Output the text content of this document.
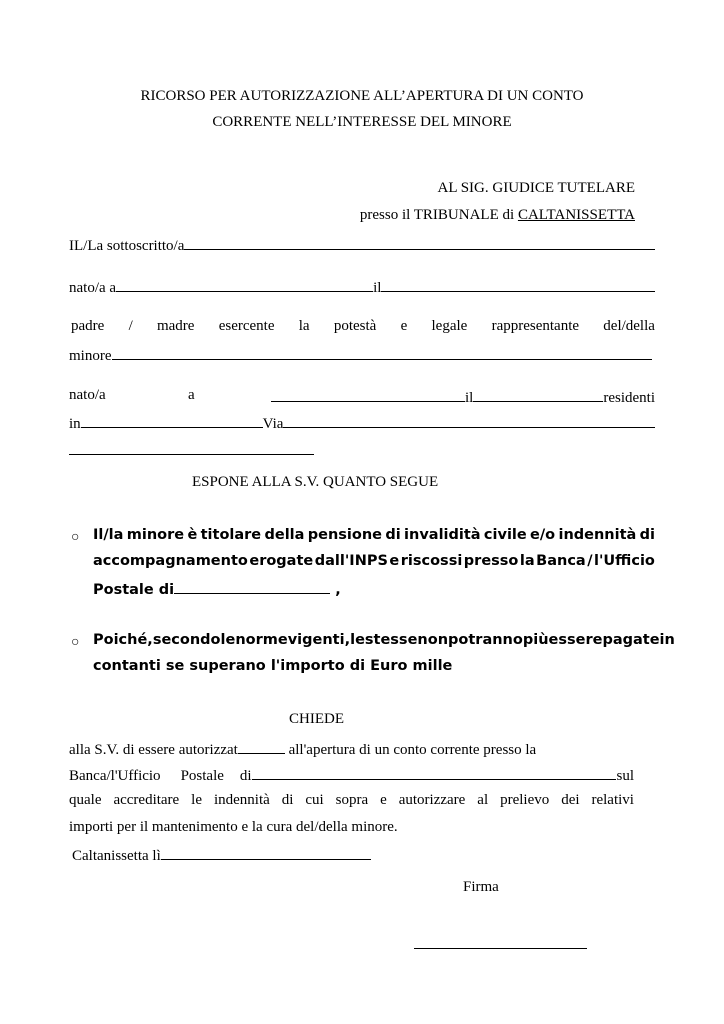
RICORSO PER AUTORIZZAZIONE ALL’APERTURA DI UN CONTO
CORRENTE NELL’INTERESSE DEL MINORE
AL SIG. GIUDICE TUTELARE
presso il TRIBUNALE di CALTANISSETTA
IL/La sottoscritto/a
nato/a a	il
padre / madre esercente la potestà e legale rappresentante del/della
minore
nato/a	a	il	residenti
in	Via
ESPONE ALLA S.V. QUANTO SEGUE
○ Il/la minore è titolare della pensione di invalidità civile e/o indennità di
accompagnamento erogate dall'INPS e riscossi presso la Banca / l'Ufficio
Postale di	,
○ Poiché, secondo le norme vigenti, le stesse non potranno più essere pagate in
contanti se superano l'importo di Euro mille
CHIEDE
alla S.V. di essere autorizzat	all'apertura di un conto corrente presso la
Banca/l'Ufficio Postale di	sul
quale accreditare le indennità di cui sopra e autorizzare al prelievo dei relativi
importi per il mantenimento e la cura del/della minore.
Caltanissetta lì
Firma
